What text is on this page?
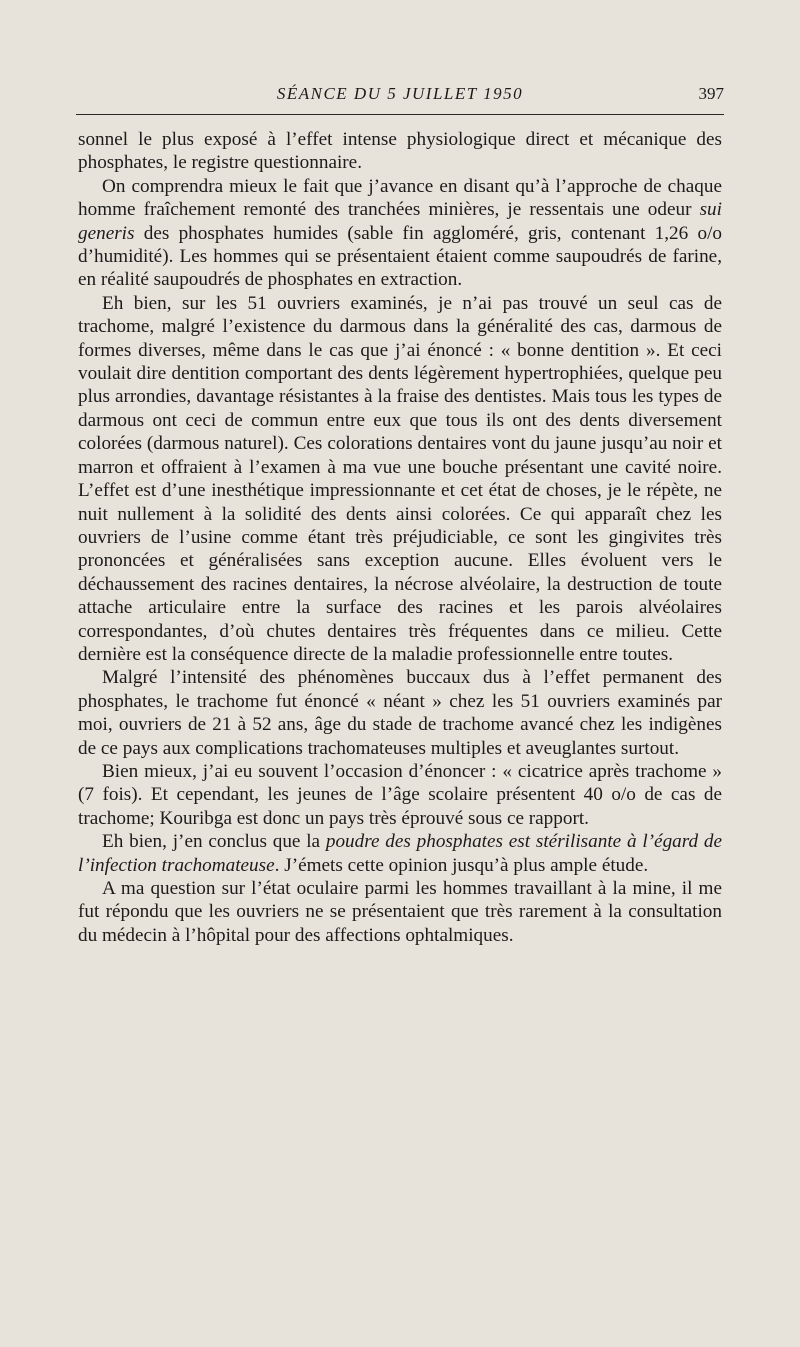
SÉANCE DU 5 JUILLET 1950	397

sonnel le plus exposé à l’effet intense physiologique direct et mécanique des phosphates, le registre questionnaire.

On comprendra mieux le fait que j’avance en disant qu’à l’approche de chaque homme fraîchement remonté des tranchées minières, je ressentais une odeur sui generis des phosphates humides (sable fin aggloméré, gris, contenant 1,26 o/o d’humidité). Les hommes qui se présentaient étaient comme saupoudrés de farine, en réalité saupoudrés de phosphates en extraction.

Eh bien, sur les 51 ouvriers examinés, je n’ai pas trouvé un seul cas de trachome, malgré l’existence du darmous dans la généralité des cas, darmous de formes diverses, même dans le cas que j’ai énoncé : « bonne dentition ». Et ceci voulait dire dentition comportant des dents légèrement hypertrophiées, quelque peu plus arrondies, davantage résistantes à la fraise des dentistes. Mais tous les types de darmous ont ceci de commun entre eux que tous ils ont des dents diversement colorées (darmous naturel). Ces colorations dentaires vont du jaune jusqu’au noir et marron et offraient à l’examen à ma vue une bouche présentant une cavité noire. L’effet est d’une inesthétique impressionnante et cet état de choses, je le répète, ne nuit nullement à la solidité des dents ainsi colorées. Ce qui apparaît chez les ouvriers de l’usine comme étant très préjudiciable, ce sont les gingivites très prononcées et généralisées sans exception aucune. Elles évoluent vers le déchaussement des racines dentaires, la nécrose alvéolaire, la destruction de toute attache articulaire entre la surface des racines et les parois alvéolaires correspondantes, d’où chutes dentaires très fréquentes dans ce milieu. Cette dernière est la conséquence directe de la maladie professionnelle entre toutes.

Malgré l’intensité des phénomènes buccaux dus à l’effet permanent des phosphates, le trachome fut énoncé « néant » chez les 51 ouvriers examinés par moi, ouvriers de 21 à 52 ans, âge du stade de trachome avancé chez les indigènes de ce pays aux complications trachomateuses multiples et aveuglantes surtout.

Bien mieux, j’ai eu souvent l’occasion d’énoncer : « cicatrice après trachome » (7 fois). Et cependant, les jeunes de l’âge scolaire présentent 40 o/o de cas de trachome; Kouribga est donc un pays très éprouvé sous ce rapport.

Eh bien, j’en conclus que la poudre des phosphates est stérilisante à l’égard de l’infection trachomateuse. J’émets cette opinion jusqu’à plus ample étude.

A ma question sur l’état oculaire parmi les hommes travaillant à la mine, il me fut répondu que les ouvriers ne se présentaient que très rarement à la consultation du médecin à l’hôpital pour des affections ophtalmiques.
